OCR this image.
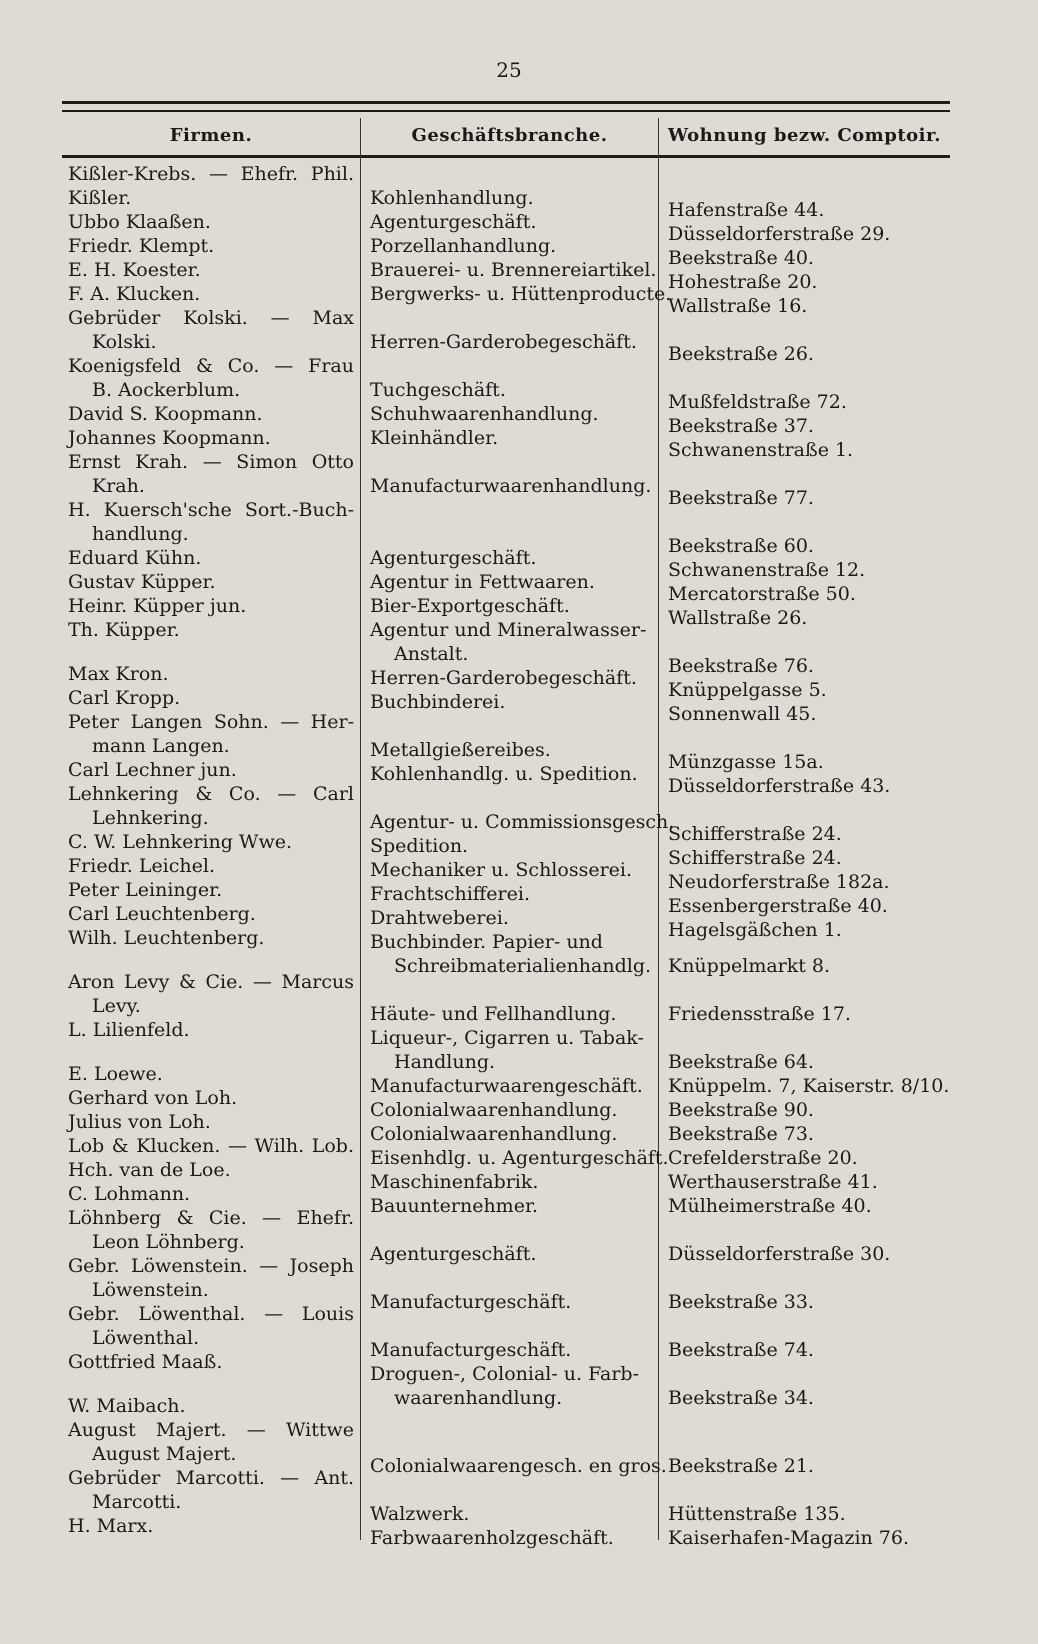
25
Firmen.	Geschäftsbranche.	Wohnung bezw. Comptoir.
Kißler-Krebs. — Ehefr. Phil.
Kißler.
Ubbo Klaaßen.
Friedr. Klempt.
E. H. Koester.
F. A. Klucken.
Gebrüder Kolski. — Max
Kolski.
Koenigsfeld & Co. — Frau
B. Aockerblum.
David S. Koopmann.
Johannes Koopmann.
Ernst Krah. — Simon Otto
Krah.
H. Kuersch'sche Sort.-Buch-
handlung.
Eduard Kühn.
Gustav Küpper.
Heinr. Küpper jun.
Th. Küpper.
Max Kron.
Carl Kropp.
Peter Langen Sohn. — Her-
mann Langen.
Carl Lechner jun.
Lehnkering & Co. — Carl
Lehnkering.
C. W. Lehnkering Wwe.
Friedr. Leichel.
Peter Leininger.
Carl Leuchtenberg.
Wilh. Leuchtenberg.
Aron Levy & Cie. — Marcus
Levy.
L. Lilienfeld.
E. Loewe.
Gerhard von Loh.
Julius von Loh.
Lob & Klucken. — Wilh. Lob.
Hch. van de Loe.
C. Lohmann.
Löhnberg & Cie. — Ehefr.
Leon Löhnberg.
Gebr. Löwenstein. — Joseph
Löwenstein.
Gebr. Löwenthal. — Louis
Löwenthal.
Gottfried Maaß.
W. Maibach.
August Majert. — Wittwe
August Majert.
Gebrüder Marcotti. — Ant.
Marcotti.
H. Marx.
Kohlenhandlung.
Agenturgeschäft.
Porzellanhandlung.
Brauerei- u. Brennereiartikel.
Bergwerks- u. Hüttenproducte.
Herren-Garderobegeschäft.
Tuchgeschäft.
Schuhwaarenhandlung.
Kleinhändler.
Manufacturwaarenhandlung.
Agenturgeschäft.
Agentur in Fettwaaren.
Bier-Exportgeschäft.
Agentur und Mineralwasser-
Anstalt.
Herren-Garderobegeschäft.
Buchbinderei.
Metallgießereibes.
Kohlenhandlg. u. Spedition.
Agentur- u. Commissionsgesch.
Spedition.
Mechaniker u. Schlosserei.
Frachtschifferei.
Drahtweberei.
Buchbinder. Papier- und
Schreibmaterialienhandlg.
Häute- und Fellhandlung.
Liqueur-, Cigarren u. Tabak-
Handlung.
Manufacturwaarengeschäft.
Colonialwaarenhandlung.
Colonialwaarenhandlung.
Eisenhdlg. u. Agenturgeschäft.
Maschinenfabrik.
Bauunternehmer.
Agenturgeschäft.
Manufacturgeschäft.
Manufacturgeschäft.
Droguen-, Colonial- u. Farb-
waarenhandlung.
Colonialwaarengesch. en gros.
Walzwerk.
Farbwaarenholzgeschäft.
Hafenstraße 44.
Düsseldorferstraße 29.
Beekstraße 40.
Hohestraße 20.
Wallstraße 16.
Beekstraße 26.
Mußfeldstraße 72.
Beekstraße 37.
Schwanenstraße 1.
Beekstraße 77.
Beekstraße 60.
Schwanenstraße 12.
Mercatorstraße 50.
Wallstraße 26.
Beekstraße 76.
Knüppelgasse 5.
Sonnenwall 45.
Münzgasse 15a.
Düsseldorferstraße 43.
Schifferstraße 24.
Schifferstraße 24.
Neudorferstraße 182a.
Essenbergerstraße 40.
Hagelsgäßchen 1.
Knüppelmarkt 8.
Friedensstraße 17.
Beekstraße 64.
Knüppelm. 7, Kaiserstr. 8/10.
Beekstraße 90.
Beekstraße 73.
Crefelderstraße 20.
Werthauserstraße 41.
Mülheimerstraße 40.
Düsseldorferstraße 30.
Beekstraße 33.
Beekstraße 74.
Beekstraße 34.
Beekstraße 21.
Hüttenstraße 135.
Kaiserhafen-Magazin 76.
